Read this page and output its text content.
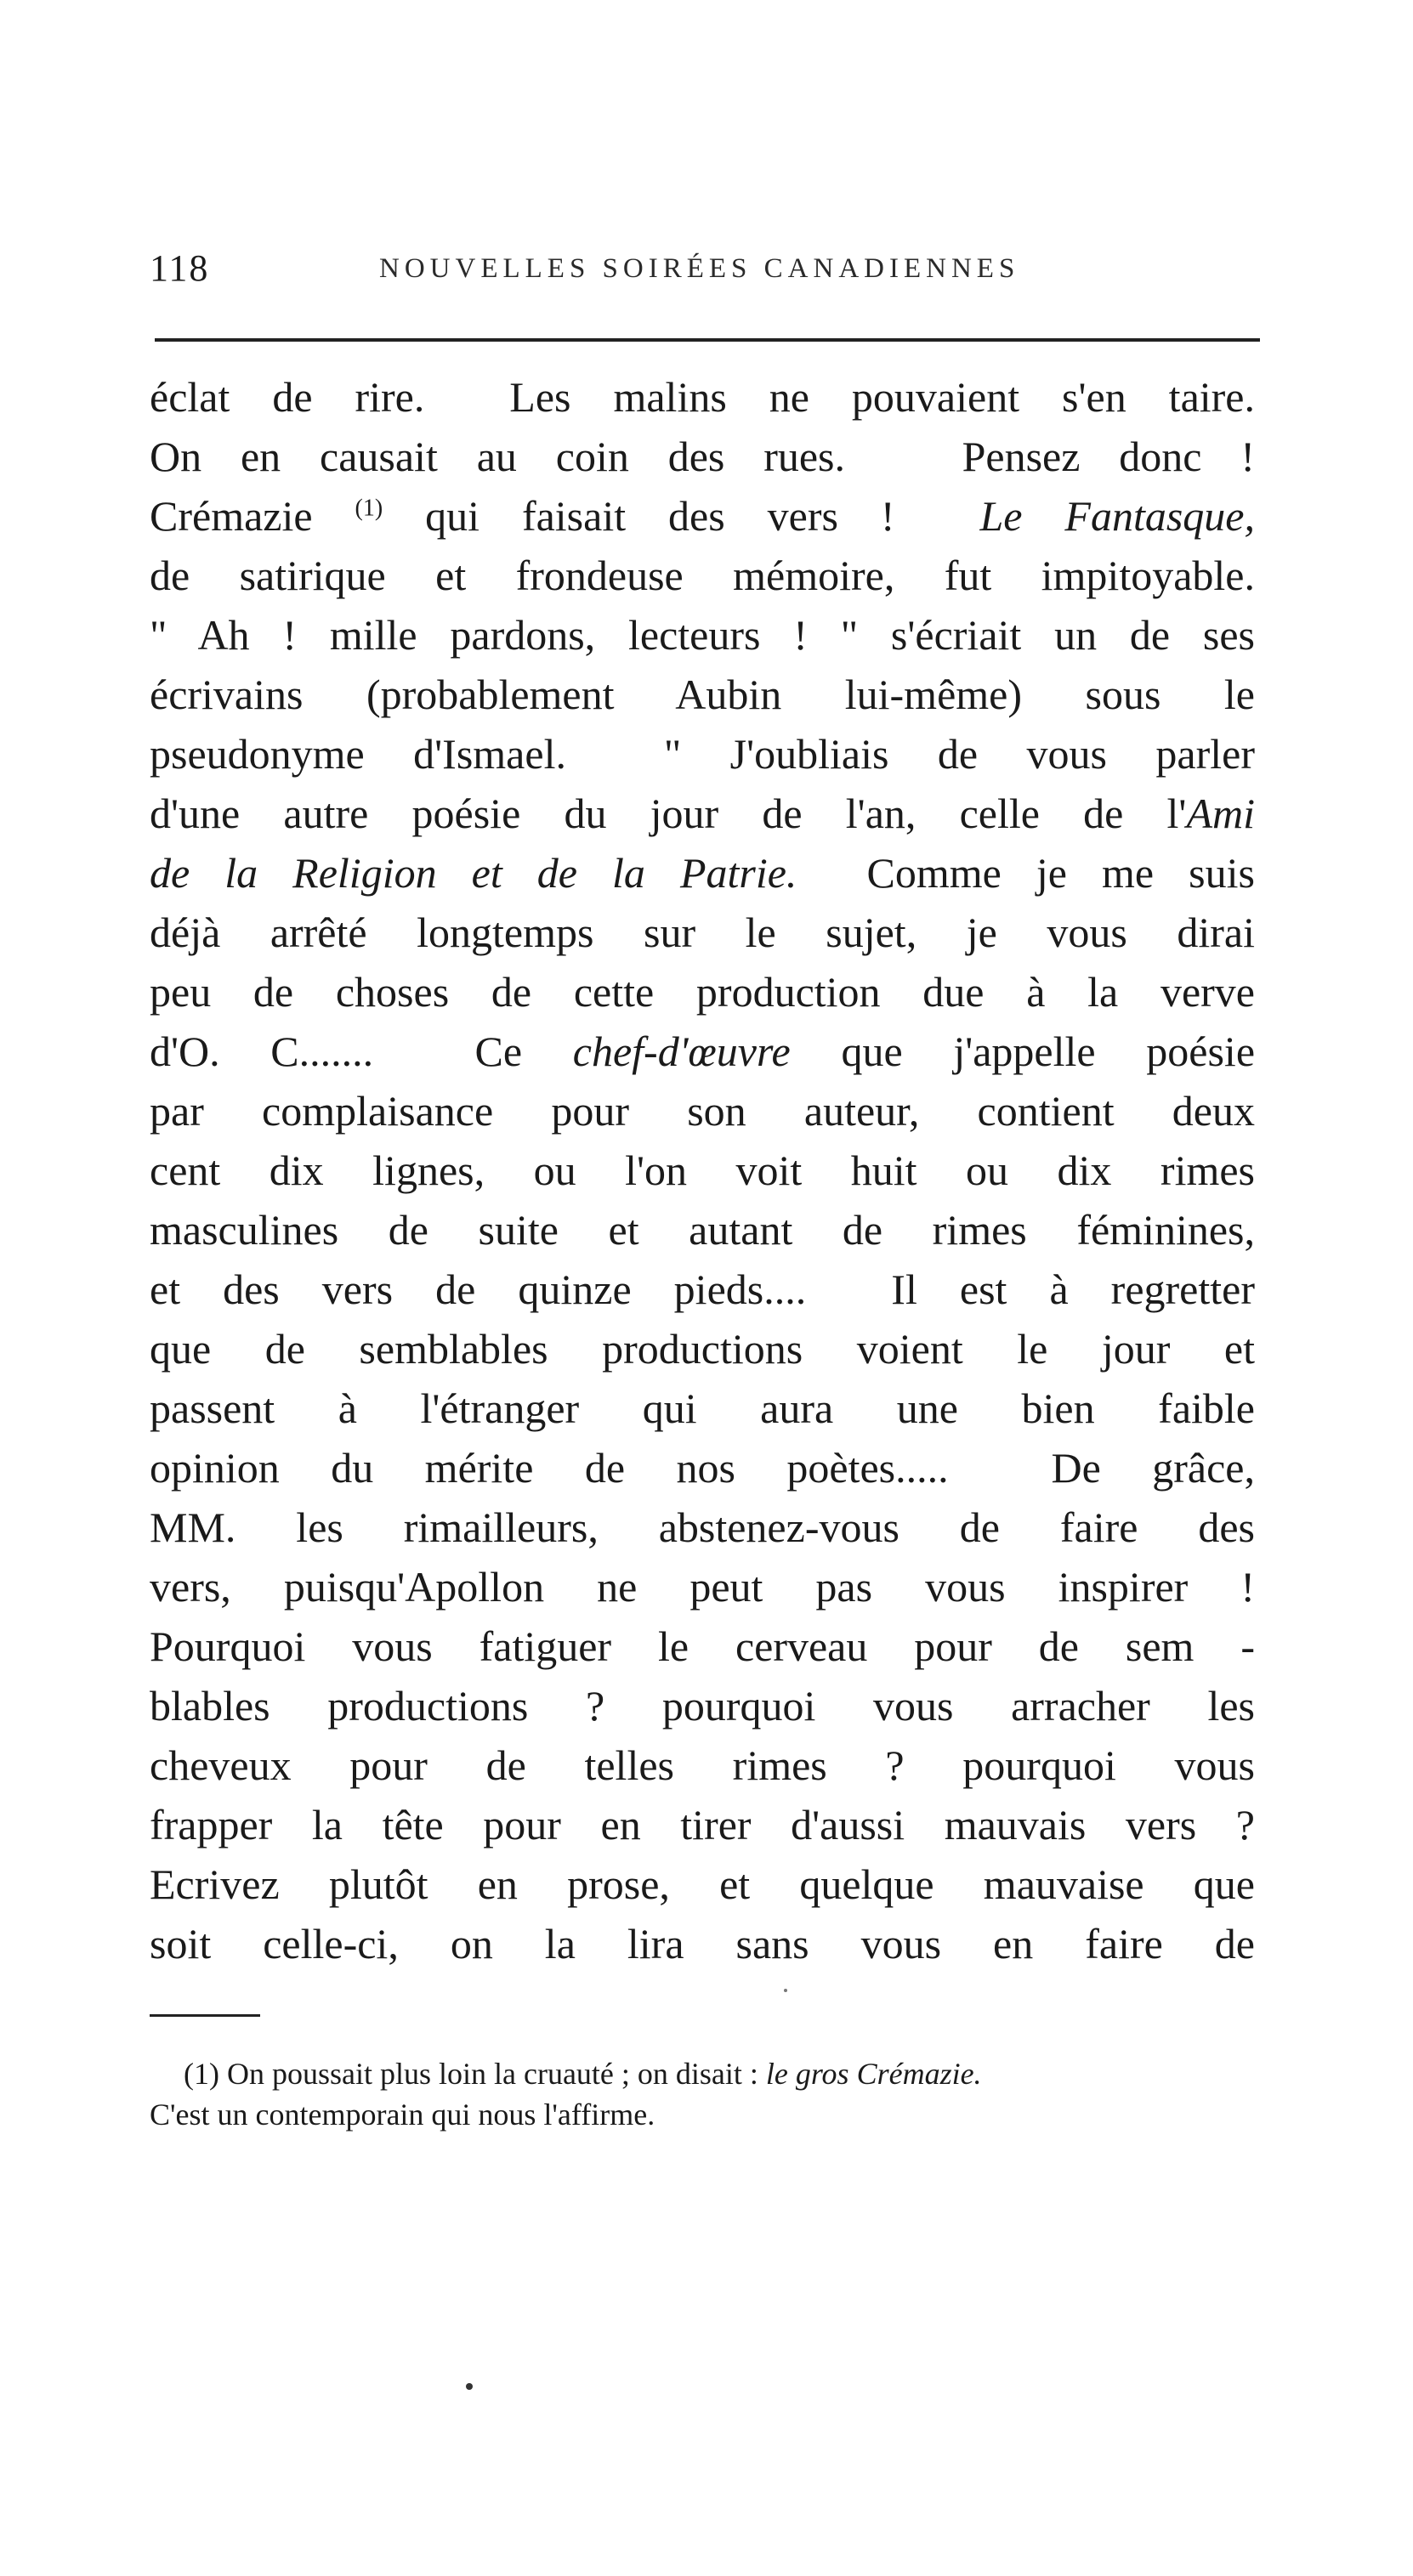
118	NOUVELLES SOIRÉES CANADIENNES
éclat de rire.  Les malins ne pouvaient s'en taire.
On en causait au coin des rues.   Pensez donc !
Crémazie $^{(1)}$ qui faisait des vers !  Le Fantasque,
de satirique et frondeuse mémoire, fut impitoyable.
" Ah ! mille pardons, lecteurs ! " s'écriait un de ses
écrivains (probablement Aubin lui-même) sous le
pseudonyme d'Ismael.  " J'oubliais de vous parler
d'une autre poésie du jour de l'an, celle de l'Ami
de la Religion et de la Patrie.  Comme je me suis
déjà arrêté longtemps sur le sujet, je vous dirai
peu de choses de cette production due à la verve
d'O. C.......  Ce chef-d'œuvre que j'appelle poésie
par complaisance pour son auteur, contient deux
cent dix lignes, ou l'on voit huit ou dix rimes
masculines de suite et autant de rimes féminines,
et des vers de quinze pieds....  Il est à regretter
que de semblables productions voient le jour et
passent à l'étranger qui aura une bien faible
opinion du mérite de nos poètes.....  De grâce,
MM. les rimailleurs, abstenez-vous de faire des
vers, puisqu'Apollon ne peut pas vous inspirer !
Pourquoi vous fatiguer le cerveau pour de sem -
blables productions ? pourquoi vous arracher les
cheveux pour de telles rimes ? pourquoi vous
frapper la tête pour en tirer d'aussi mauvais vers ?
Ecrivez plutôt en prose, et quelque mauvaise que
soit celle-ci, on la lira sans vous en faire de
(1) On poussait plus loin la cruauté ; on disait : le gros Crémazie.
C'est un contemporain qui nous l'affirme.
